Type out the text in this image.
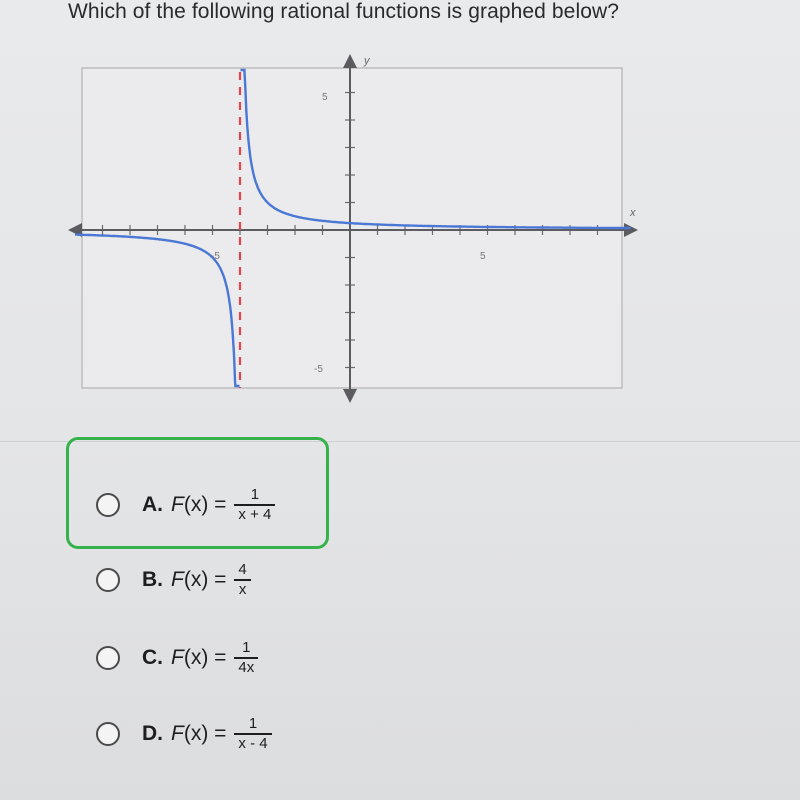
Which of the following rational functions is graphed below?
x
y
-5	5
5
-5
A. $F(x) = \frac{1}{x + 4}$
B. $F(x) = \frac{4}{x}$
C. $F(x) = \frac{1}{4x}$
D. $F(x) = \frac{1}{x - 4}$
